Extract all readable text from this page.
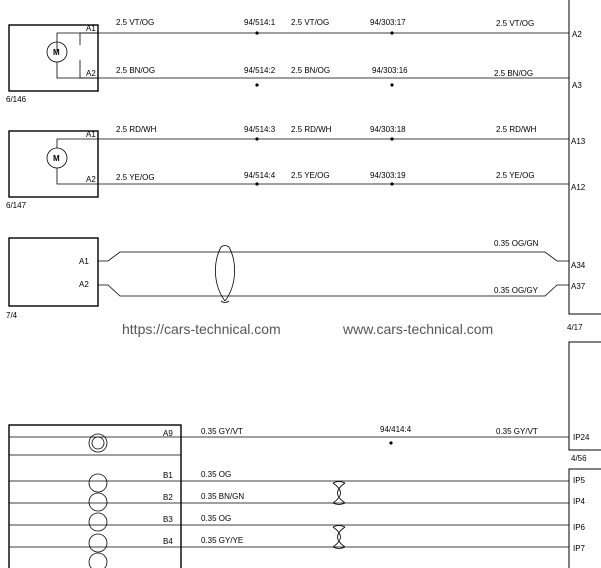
A2
A3
A13
A12
A34
A37
4/17
M
A1
A2
6/146
M
A1
A2
6/147
2.5 VT/OG	94/514:1 2.5 VT/OG	94/303:17	2.5 VT/OG
2.5 BN/OG	94/514:2 2.5 BN/OG	94/303:16	2.5 BN/OG
2.5 RD/WH	94/514:3 2.5 RD/WH	94/303:18	2.5 RD/WH
2.5 YE/OG	94/514:4 2.5 YE/OG	94/303:19	2.5 YE/OG
A1
A2
7/4
0.35 OG/GN
0.35 OG/GY
https://cars-technical.com	www.cars-technical.com
IP24
4/56
IP5
IP4
IP6
IP7
A9
B1
B2
B3
B4
0.35 GY/VT	94/414:4	0.35 GY/VT
0.35 OG
0.35 BN/GN
0.35 OG
0.35 GY/YE
